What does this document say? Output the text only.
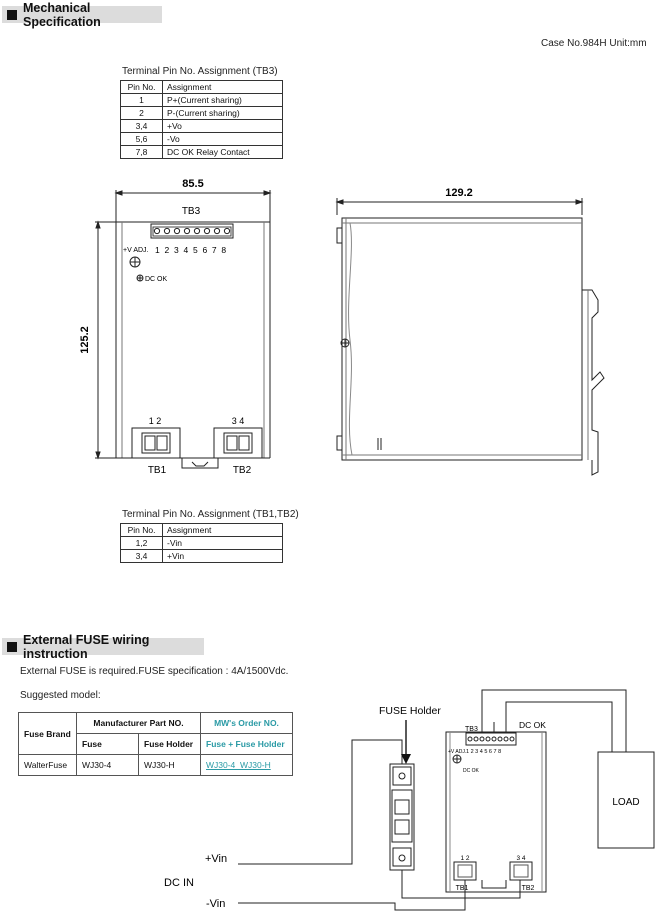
Mechanical Specification
Case No.984H Unit:mm
Terminal Pin No. Assignment (TB3)
Pin No.	Assignment
1	P+(Current sharing)
2	P-(Current sharing)
3,4	+Vo
5,6	-Vo
7,8	DC OK Relay Contact
85.5
125.2
TB3
+V ADJ. 1 2 3 4 5 6 7 8
DC OK
1 2	3 4
TB1	TB2
129.2
Terminal Pin No. Assignment (TB1,TB2)
Pin No.	Assignment
1,2	-Vin
3,4	+Vin
External FUSE wiring instruction
External FUSE is required.FUSE specification : 4A/1500Vdc.
Suggested model:
Fuse Brand	Manufacturer Part NO.		MW's Order NO.
	Fuse	Fuse Holder	Fuse + Fuse Holder
WalterFuse	WJ30-4	WJ30-H	WJ30-4_WJ30-H
FUSE Holder
TB3	DC OK
+V ADJ. 1 2 3 4 5 6 7 8
DC OK
LOAD
+Vin
DC IN
-Vin
1 2	3 4
TB1	TB2
